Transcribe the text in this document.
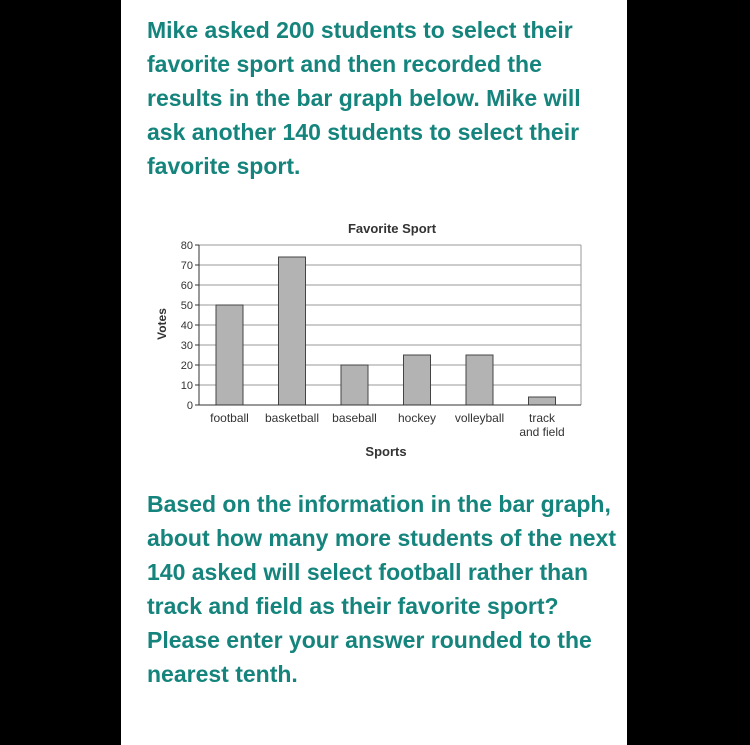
Mike asked 200 students to select their favorite sport and then recorded the results in the bar graph below. Mike will ask another 140 students to select their favorite sport.

0
10
20
30
40
50
60
70
80
football basketball baseball hockey volleyball track
and field
Favorite Sport
Sports
Votes

Based on the information in the bar graph, about how many more students of the next 140 asked will select football rather than track and field as their favorite sport? Please enter your answer rounded to the nearest tenth.
